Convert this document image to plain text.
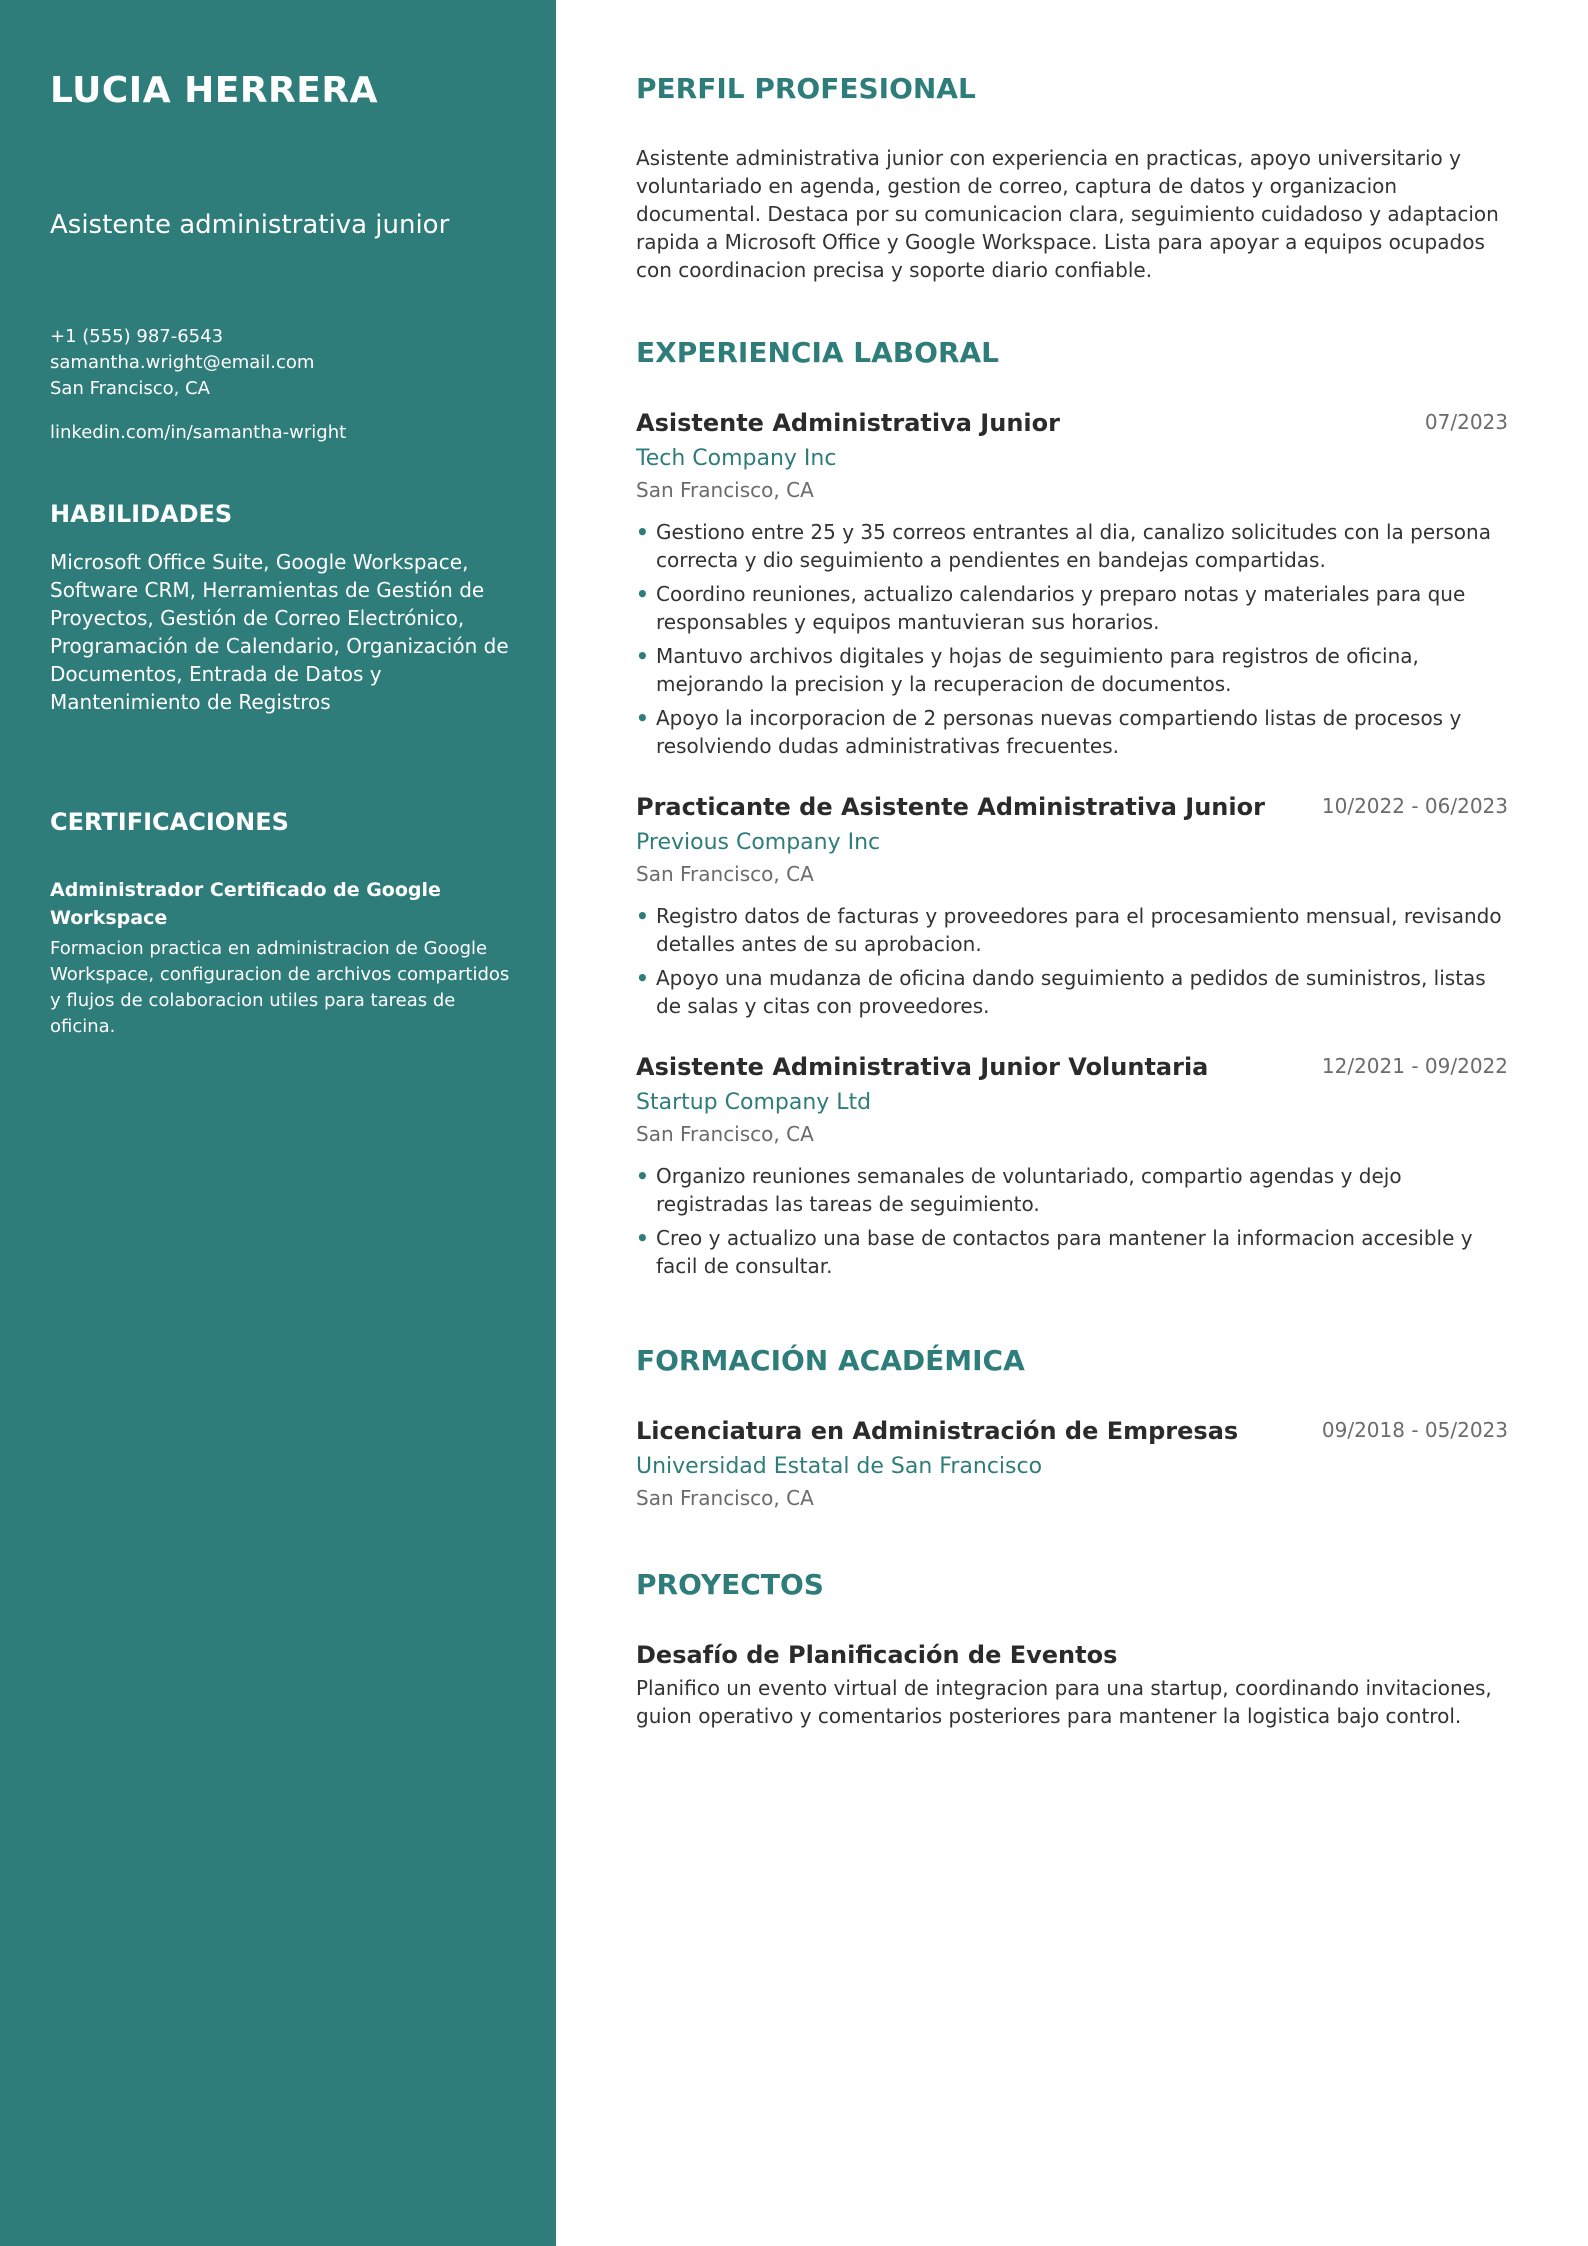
LUCIA HERRERA
Asistente administrativa junior
+1 (555) 987-6543
samantha.wright@email.com
San Francisco, CA
linkedin.com/in/samantha-wright
HABILIDADES
Microsoft Office Suite, Google Workspace, Software CRM, Herramientas de Gestión de Proyectos, Gestión de Correo Electrónico, Programación de Calendario, Organización de Documentos, Entrada de Datos y Mantenimiento de Registros
CERTIFICACIONES
Administrador Certificado de Google Workspace
Formacion practica en administracion de Google Workspace, configuracion de archivos compartidos y flujos de colaboracion utiles para tareas de oficina.
PERFIL PROFESIONAL
Asistente administrativa junior con experiencia en practicas, apoyo universitario y voluntariado en agenda, gestion de correo, captura de datos y organizacion documental. Destaca por su comunicacion clara, seguimiento cuidadoso y adaptacion rapida a Microsoft Office y Google Workspace. Lista para apoyar a equipos ocupados con coordinacion precisa y soporte diario confiable.
EXPERIENCIA LABORAL
Asistente Administrativa Junior	07/2023
Tech Company Inc
San Francisco, CA
• Gestiono entre 25 y 35 correos entrantes al dia, canalizo solicitudes con la persona correcta y dio seguimiento a pendientes en bandejas compartidas.
• Coordino reuniones, actualizo calendarios y preparo notas y materiales para que responsables y equipos mantuvieran sus horarios.
• Mantuvo archivos digitales y hojas de seguimiento para registros de oficina, mejorando la precision y la recuperacion de documentos.
• Apoyo la incorporacion de 2 personas nuevas compartiendo listas de procesos y resolviendo dudas administrativas frecuentes.
Practicante de Asistente Administrativa Junior	10/2022 - 06/2023
Previous Company Inc
San Francisco, CA
• Registro datos de facturas y proveedores para el procesamiento mensual, revisando detalles antes de su aprobacion.
• Apoyo una mudanza de oficina dando seguimiento a pedidos de suministros, listas de salas y citas con proveedores.
Asistente Administrativa Junior Voluntaria	12/2021 - 09/2022
Startup Company Ltd
San Francisco, CA
• Organizo reuniones semanales de voluntariado, compartio agendas y dejo registradas las tareas de seguimiento.
• Creo y actualizo una base de contactos para mantener la informacion accesible y facil de consultar.
FORMACIÓN ACADÉMICA
Licenciatura en Administración de Empresas	09/2018 - 05/2023
Universidad Estatal de San Francisco
San Francisco, CA
PROYECTOS
Desafío de Planificación de Eventos
Planifico un evento virtual de integracion para una startup, coordinando invitaciones, guion operativo y comentarios posteriores para mantener la logistica bajo control.
